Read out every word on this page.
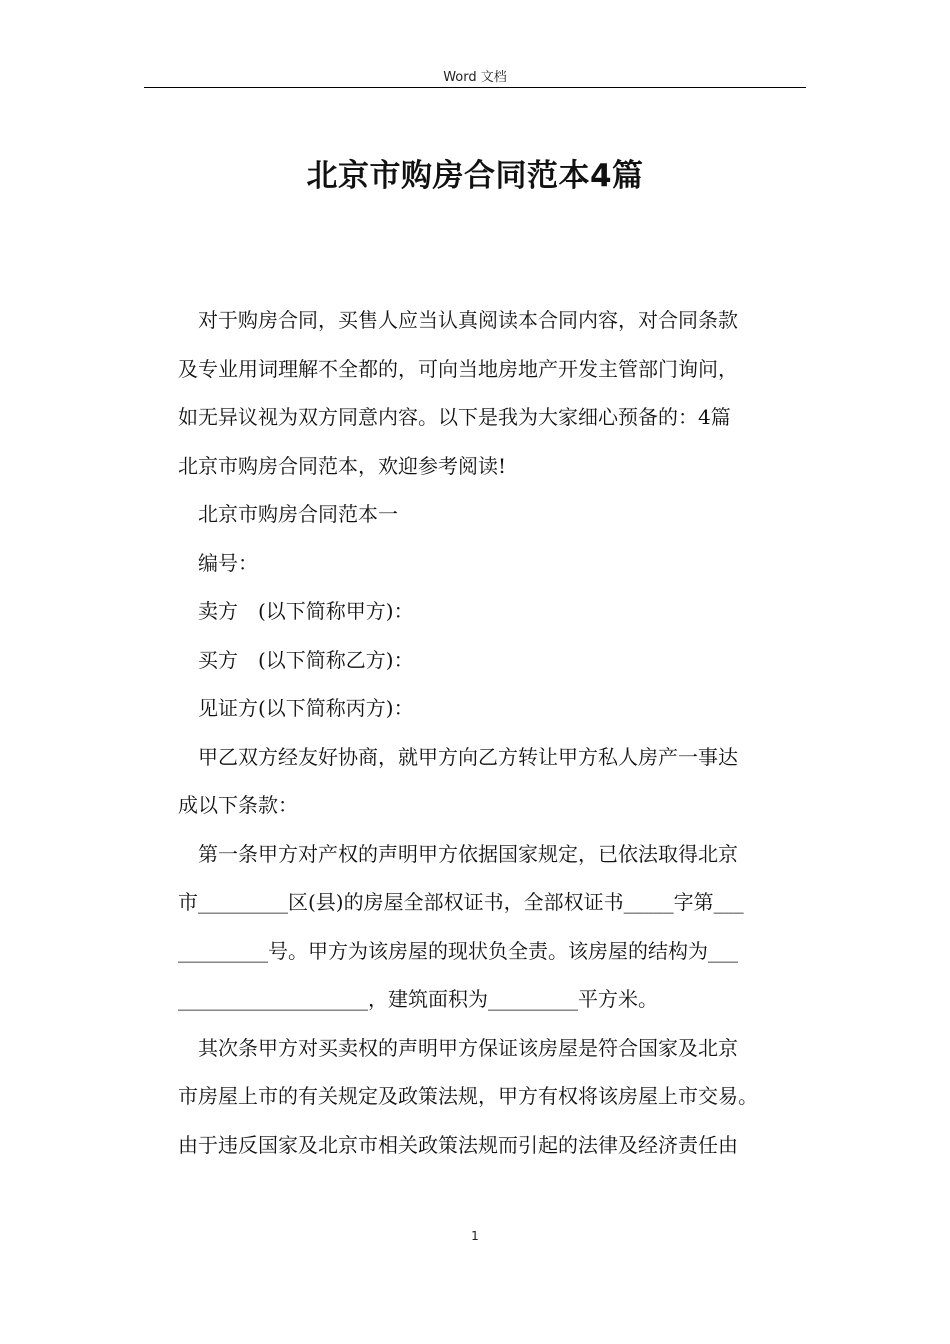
Word 文档
北京市购房合同范本4篇

对于购房合同，买售人应当认真阅读本合同内容，对合同条款

及专业用词理解不全都的，可向当地房地产开发主管部门询问，

如无异议视为双方同意内容。以下是我为大家细心预备的：4篇

北京市购房合同范本，欢迎参考阅读!

北京市购房合同范本一

编号：

卖方　(以下简称甲方)：

买方　(以下简称乙方)：

见证方(以下简称丙方)：

甲乙双方经友好协商，就甲方向乙方转让甲方私人房产一事达

成以下条款：

第一条甲方对产权的声明甲方依据国家规定，已依法取得北京

市_________区(县)的房屋全部权证书，全部权证书_____字第___

_________号。甲方为该房屋的现状负全责。该房屋的结构为___

___________________，建筑面积为_________平方米。

其次条甲方对买卖权的声明甲方保证该房屋是符合国家及北京

市房屋上市的有关规定及政策法规，甲方有权将该房屋上市交易。

由于违反国家及北京市相关政策法规而引起的法律及经济责任由

1
